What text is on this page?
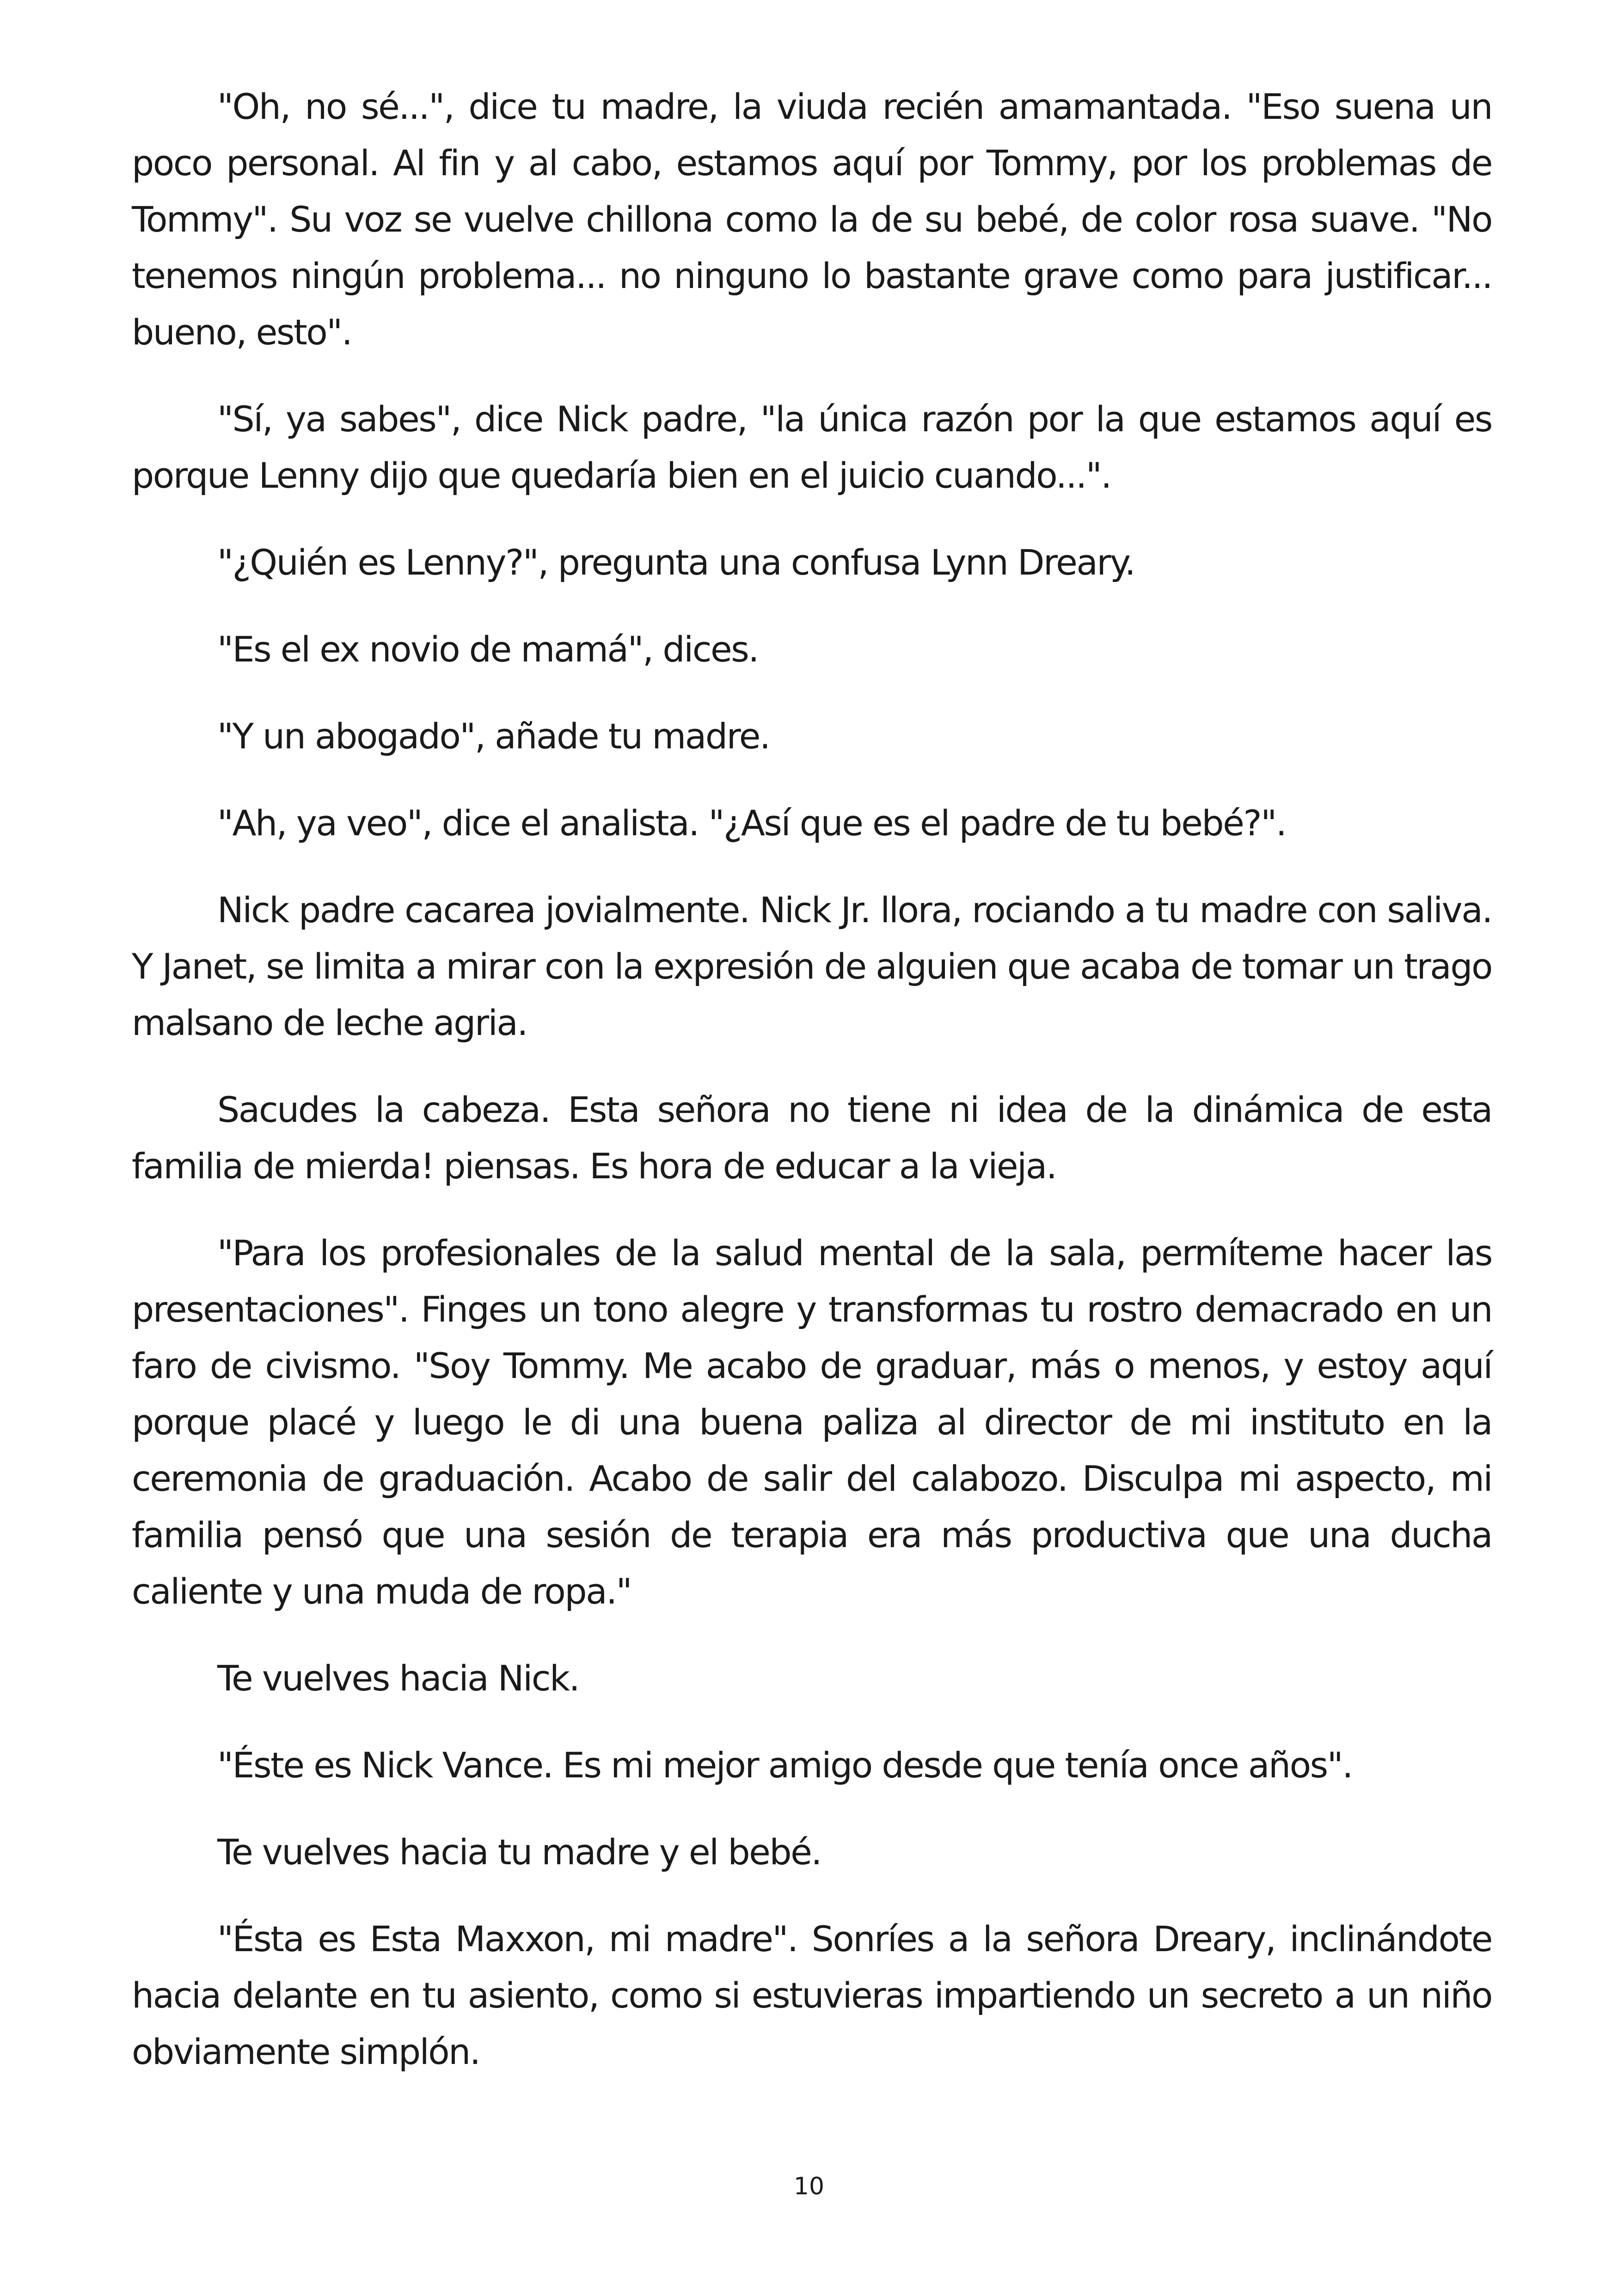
"Oh, no sé...", dice tu madre, la viuda recién amamantada. "Eso suena un poco personal. Al fin y al cabo, estamos aquí por Tommy, por los problemas de Tommy". Su voz se vuelve chillona como la de su bebé, de color rosa suave. "No tenemos ningún problema... no ninguno lo bastante grave como para justificar... bueno, esto".

"Sí, ya sabes", dice Nick padre, "la única razón por la que estamos aquí es porque Lenny dijo que quedaría bien en el juicio cuando...".

"¿Quién es Lenny?", pregunta una confusa Lynn Dreary.

"Es el ex novio de mamá", dices.

"Y un abogado", añade tu madre.

"Ah, ya veo", dice el analista. "¿Así que es el padre de tu bebé?".

Nick padre cacarea jovialmente. Nick Jr. llora, rociando a tu madre con saliva. Y Janet, se limita a mirar con la expresión de alguien que acaba de tomar un trago malsano de leche agria.

Sacudes la cabeza. Esta señora no tiene ni idea de la dinámica de esta familia de mierda! piensas. Es hora de educar a la vieja.

"Para los profesionales de la salud mental de la sala, permíteme hacer las presentaciones". Finges un tono alegre y transformas tu rostro demacrado en un faro de civismo. "Soy Tommy. Me acabo de graduar, más o menos, y estoy aquí porque placé y luego le di una buena paliza al director de mi instituto en la ceremonia de graduación. Acabo de salir del calabozo. Disculpa mi aspecto, mi familia pensó que una sesión de terapia era más productiva que una ducha caliente y una muda de ropa."

Te vuelves hacia Nick.

"Éste es Nick Vance. Es mi mejor amigo desde que tenía once años".

Te vuelves hacia tu madre y el bebé.

"Ésta es Esta Maxxon, mi madre". Sonríes a la señora Dreary, inclinándote hacia delante en tu asiento, como si estuvieras impartiendo un secreto a un niño obviamente simplón.

10
